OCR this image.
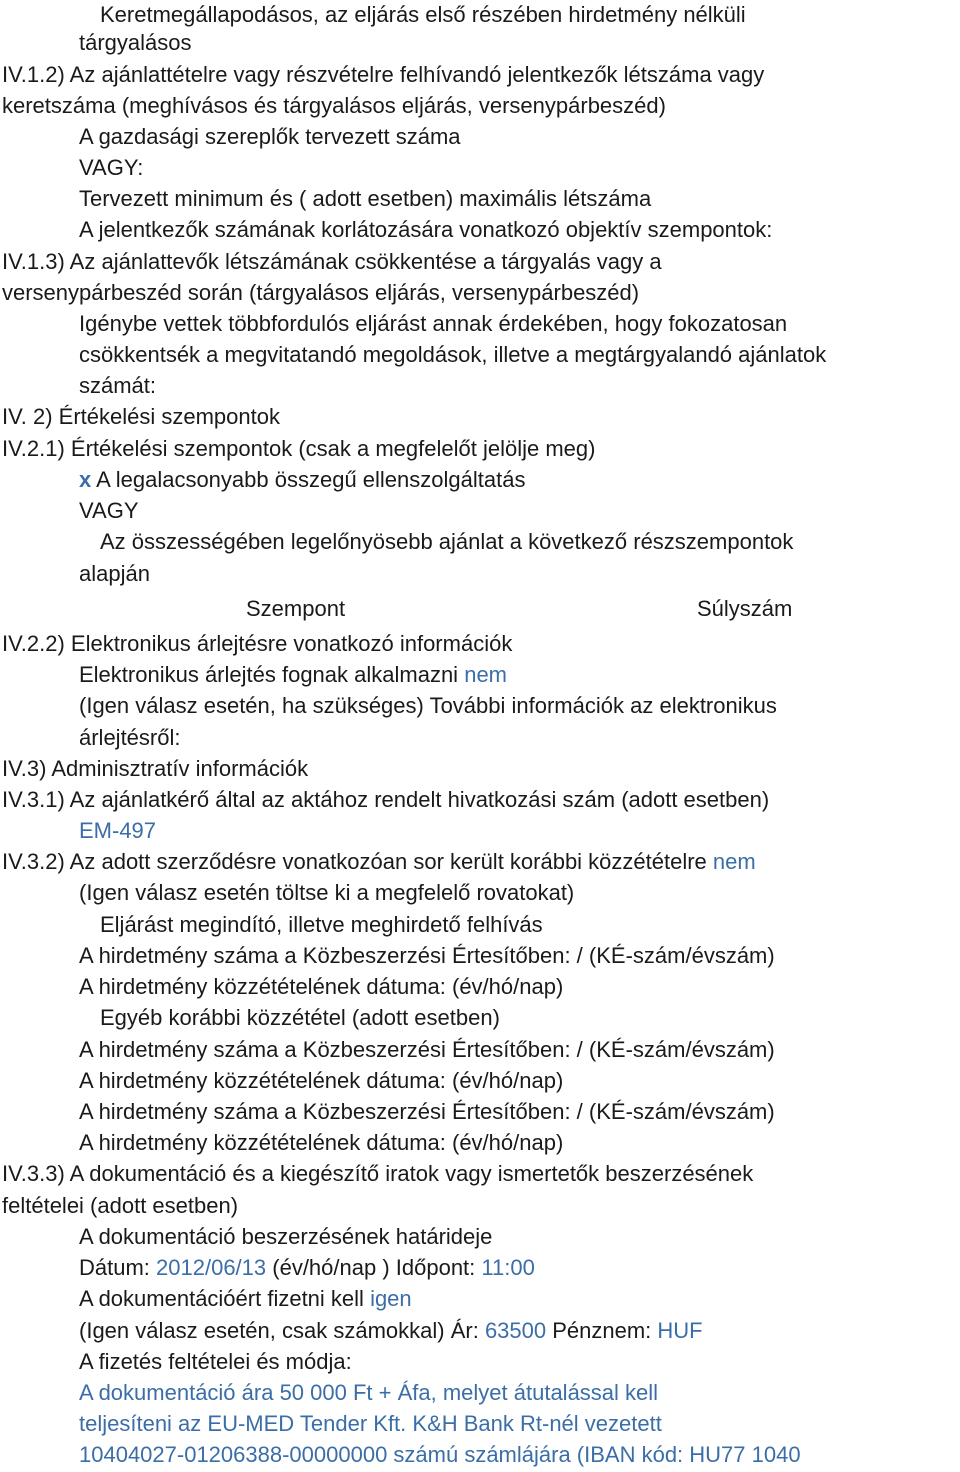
Keretmegállapodásos, az eljárás első részében hirdetmény nélküli
tárgyalásos
IV.1.2) Az ajánlattételre vagy részvételre felhívandó jelentkezők létszáma vagy
keretszáma (meghívásos és tárgyalásos eljárás, versenypárbeszéd)
A gazdasági szereplők tervezett száma
VAGY:
Tervezett minimum és ( adott esetben) maximális létszáma
A jelentkezők számának korlátozására vonatkozó objektív szempontok:
IV.1.3) Az ajánlattevők létszámának csökkentése a tárgyalás vagy a
versenypárbeszéd során (tárgyalásos eljárás, versenypárbeszéd)
Igénybe vettek többfordulós eljárást annak érdekében, hogy fokozatosan
csökkentsék a megvitatandó megoldások, illetve a megtárgyalandó ajánlatok
számát:
IV. 2) Értékelési szempontok
IV.2.1) Értékelési szempontok (csak a megfelelőt jelölje meg)
x A legalacsonyabb összegű ellenszolgáltatás
VAGY
Az összességében legelőnyösebb ajánlat a következő részszempontok
alapján
Szempont	Súlyszám
IV.2.2) Elektronikus árlejtésre vonatkozó információk
Elektronikus árlejtés fognak alkalmazni nem
(Igen válasz esetén, ha szükséges) További információk az elektronikus
árlejtésről:
IV.3) Adminisztratív információk
IV.3.1) Az ajánlatkérő által az aktához rendelt hivatkozási szám (adott esetben)
EM-497
IV.3.2) Az adott szerződésre vonatkozóan sor került korábbi közzétételre nem
(Igen válasz esetén töltse ki a megfelelő rovatokat)
Eljárást megindító, illetve meghirdető felhívás
A hirdetmény száma a Közbeszerzési Értesítőben: / (KÉ-szám/évszám)
A hirdetmény közzétételének dátuma: (év/hó/nap)
Egyéb korábbi közzététel (adott esetben)
A hirdetmény száma a Közbeszerzési Értesítőben: / (KÉ-szám/évszám)
A hirdetmény közzétételének dátuma: (év/hó/nap)
A hirdetmény száma a Közbeszerzési Értesítőben: / (KÉ-szám/évszám)
A hirdetmény közzétételének dátuma: (év/hó/nap)
IV.3.3) A dokumentáció és a kiegészítő iratok vagy ismertetők beszerzésének
feltételei (adott esetben)
A dokumentáció beszerzésének határideje
Dátum: 2012/06/13 (év/hó/nap ) Időpont: 11:00
A dokumentációért fizetni kell igen
(Igen válasz esetén, csak számokkal) Ár: 63500 Pénznem: HUF
A fizetés feltételei és módja:
A dokumentáció ára 50 000 Ft + Áfa, melyet átutalással kell
teljesíteni az EU-MED Tender Kft. K&H Bank Rt-nél vezetett
10404027-01206388-00000000 számú számlájára (IBAN kód: HU77 1040
